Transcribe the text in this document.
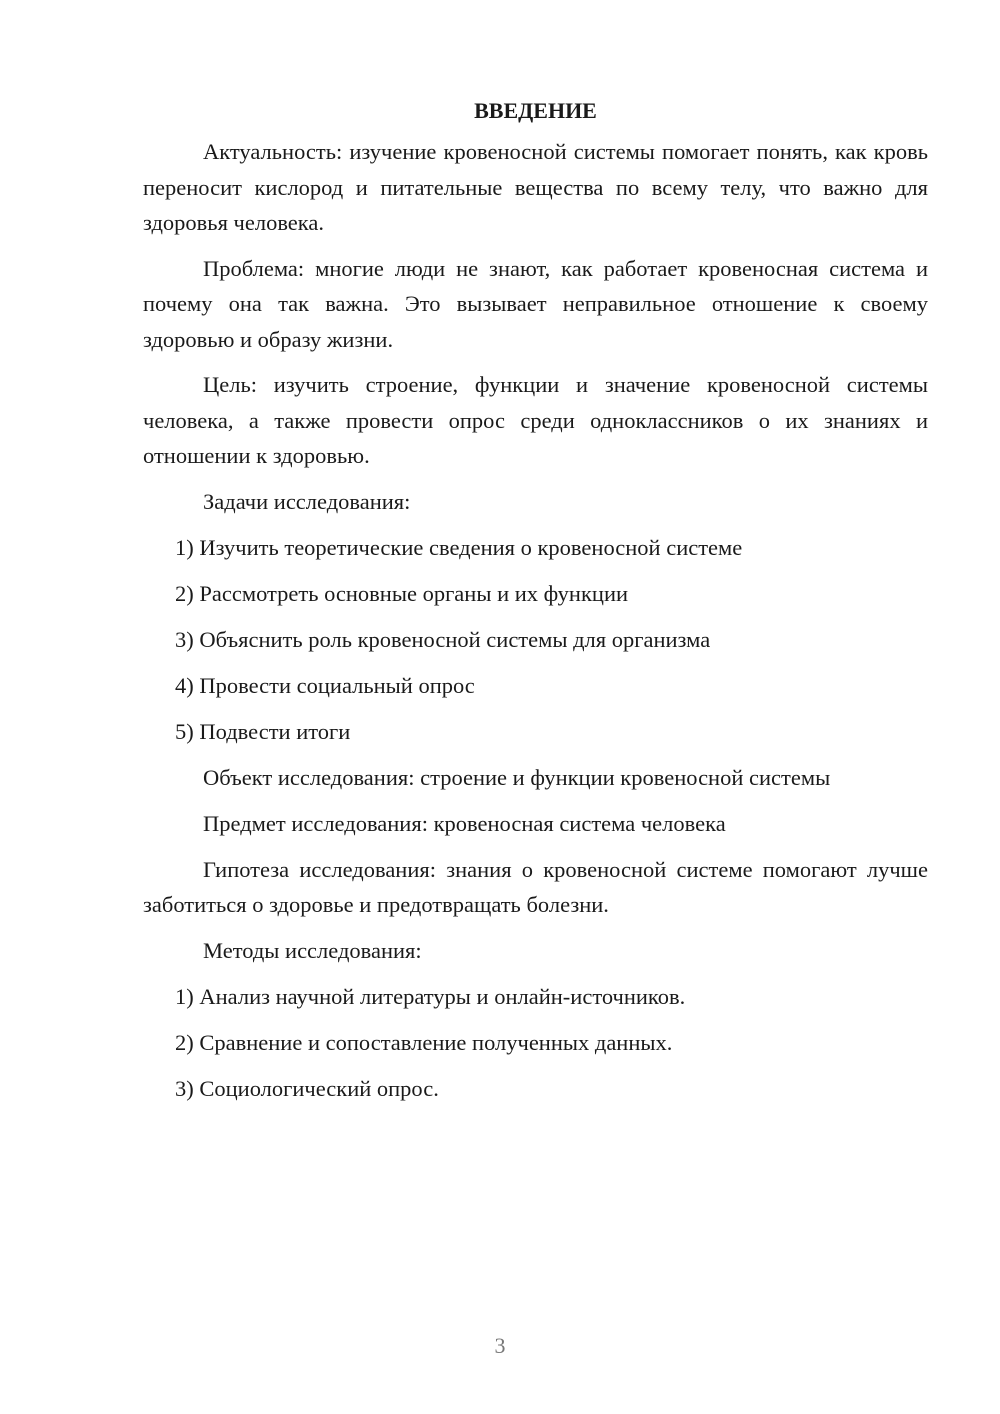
ВВЕДЕНИЕ

Актуальность: изучение кровеносной системы помогает понять, как кровь переносит кислород и питательные вещества по всему телу, что важно для здоровья человека.

Проблема: многие люди не знают, как работает кровеносная система и почему она так важна. Это вызывает неправильное отношение к своему здоровью и образу жизни.

Цель: изучить строение, функции и значение кровеносной системы человека, а также провести опрос среди одноклассников о их знаниях и отношении к здоровью.

Задачи исследования:

1) Изучить теоретические сведения о кровеносной системе

2) Рассмотреть основные органы и их функции

3) Объяснить роль кровеносной системы для организма

4) Провести социальный опрос

5) Подвести итоги

Объект исследования: строение и функции кровеносной системы

Предмет исследования: кровеносная система человека

Гипотеза исследования: знания о кровеносной системе помогают лучше заботиться о здоровье и предотвращать болезни.

Методы исследования:

1) Анализ научной литературы и онлайн-источников.

2) Сравнение и сопоставление полученных данных.

3) Социологический опрос.

3
